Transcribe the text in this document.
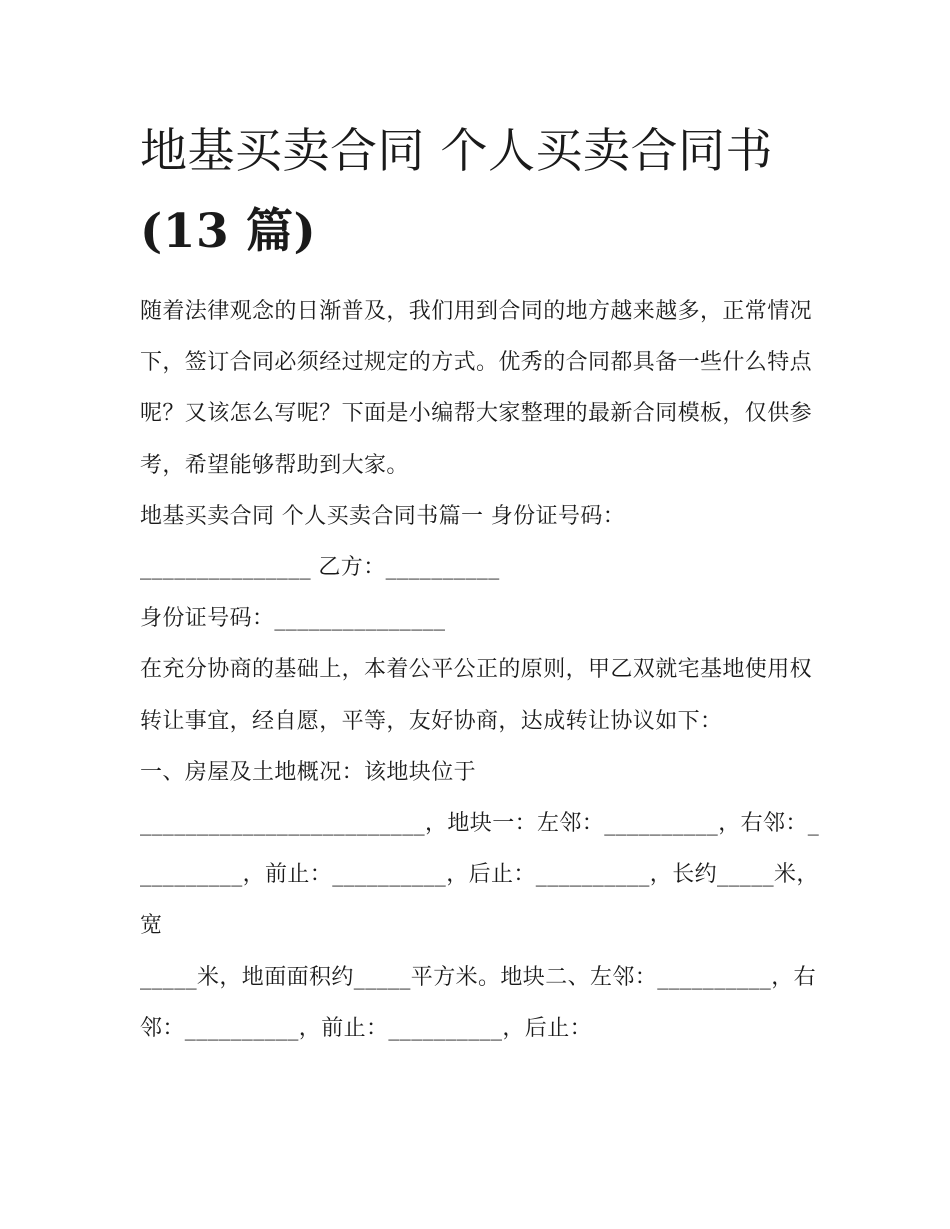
地基买卖合同 个人买卖合同书
(13 篇)

随着法律观念的日渐普及，我们用到合同的地方越来越多，正常情况下，签订合同必须经过规定的方式。优秀的合同都具备一些什么特点呢？又该怎么写呢？下面是小编帮大家整理的最新合同模板，仅供参考，希望能够帮助到大家。

地基买卖合同 个人买卖合同书篇一 身份证号码：

_______________ 乙方：__________

身份证号码：_______________

在充分协商的基础上，本着公平公正的原则，甲乙双就宅基地使用权转让事宜，经自愿，平等，友好协商，达成转让协议如下：

一、房屋及土地概况：该地块位于

_________________________，地块一：左邻：__________，右邻：__________，前止：__________，后止：__________，长约_____米，宽

_____米，地面面积约_____平方米。地块二、左邻：__________，右邻：__________，前止：__________，后止：
